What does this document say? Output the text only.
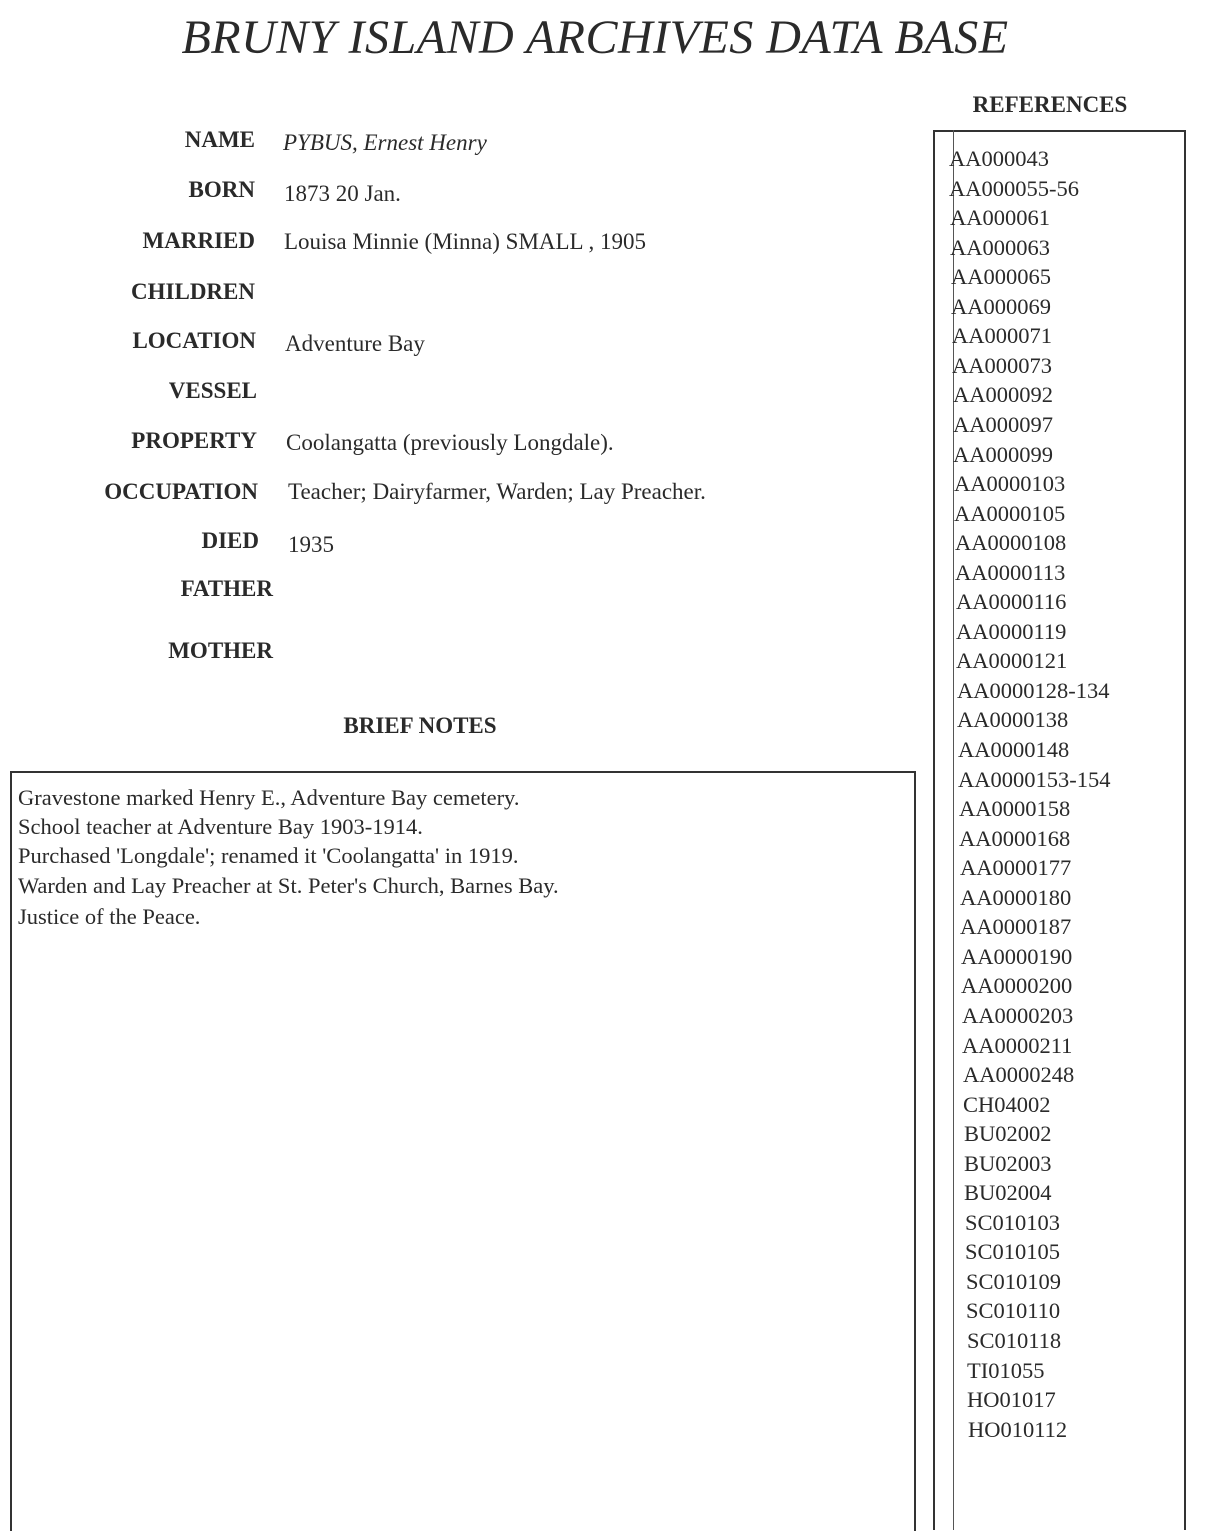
BRUNY ISLAND ARCHIVES DATA BASE
NAME PYBUS, Ernest Henry
BORN 1873 20 Jan.
MARRIED Louisa Minnie (Minna) SMALL , 1905
CHILDREN
LOCATION Adventure Bay
VESSEL
PROPERTY Coolangatta (previously Longdale).
OCCUPATION Teacher; Dairyfarmer, Warden; Lay Preacher.
DIED 1935
FATHER
MOTHER
BRIEF NOTES
Gravestone marked Henry E., Adventure Bay cemetery.
School teacher at Adventure Bay 1903-1914.
Purchased 'Longdale'; renamed it 'Coolangatta' in 1919.
Warden and Lay Preacher at St. Peter's Church, Barnes Bay.
Justice of the Peace.
REFERENCES
AA000043
AA000055-56
AA000061
AA000063
AA000065
AA000069
AA000071
AA000073
AA000092
AA000097
AA000099
AA0000103
AA0000105
AA0000108
AA0000113
AA0000116
AA0000119
AA0000121
AA0000128-134
AA0000138
AA0000148
AA0000153-154
AA0000158
AA0000168
AA0000177
AA0000180
AA0000187
AA0000190
AA0000200
AA0000203
AA0000211
AA0000248
CH04002
BU02002
BU02003
BU02004
SC010103
SC010105
SC010109
SC010110
SC010118
TI01055
HO01017
HO010112
